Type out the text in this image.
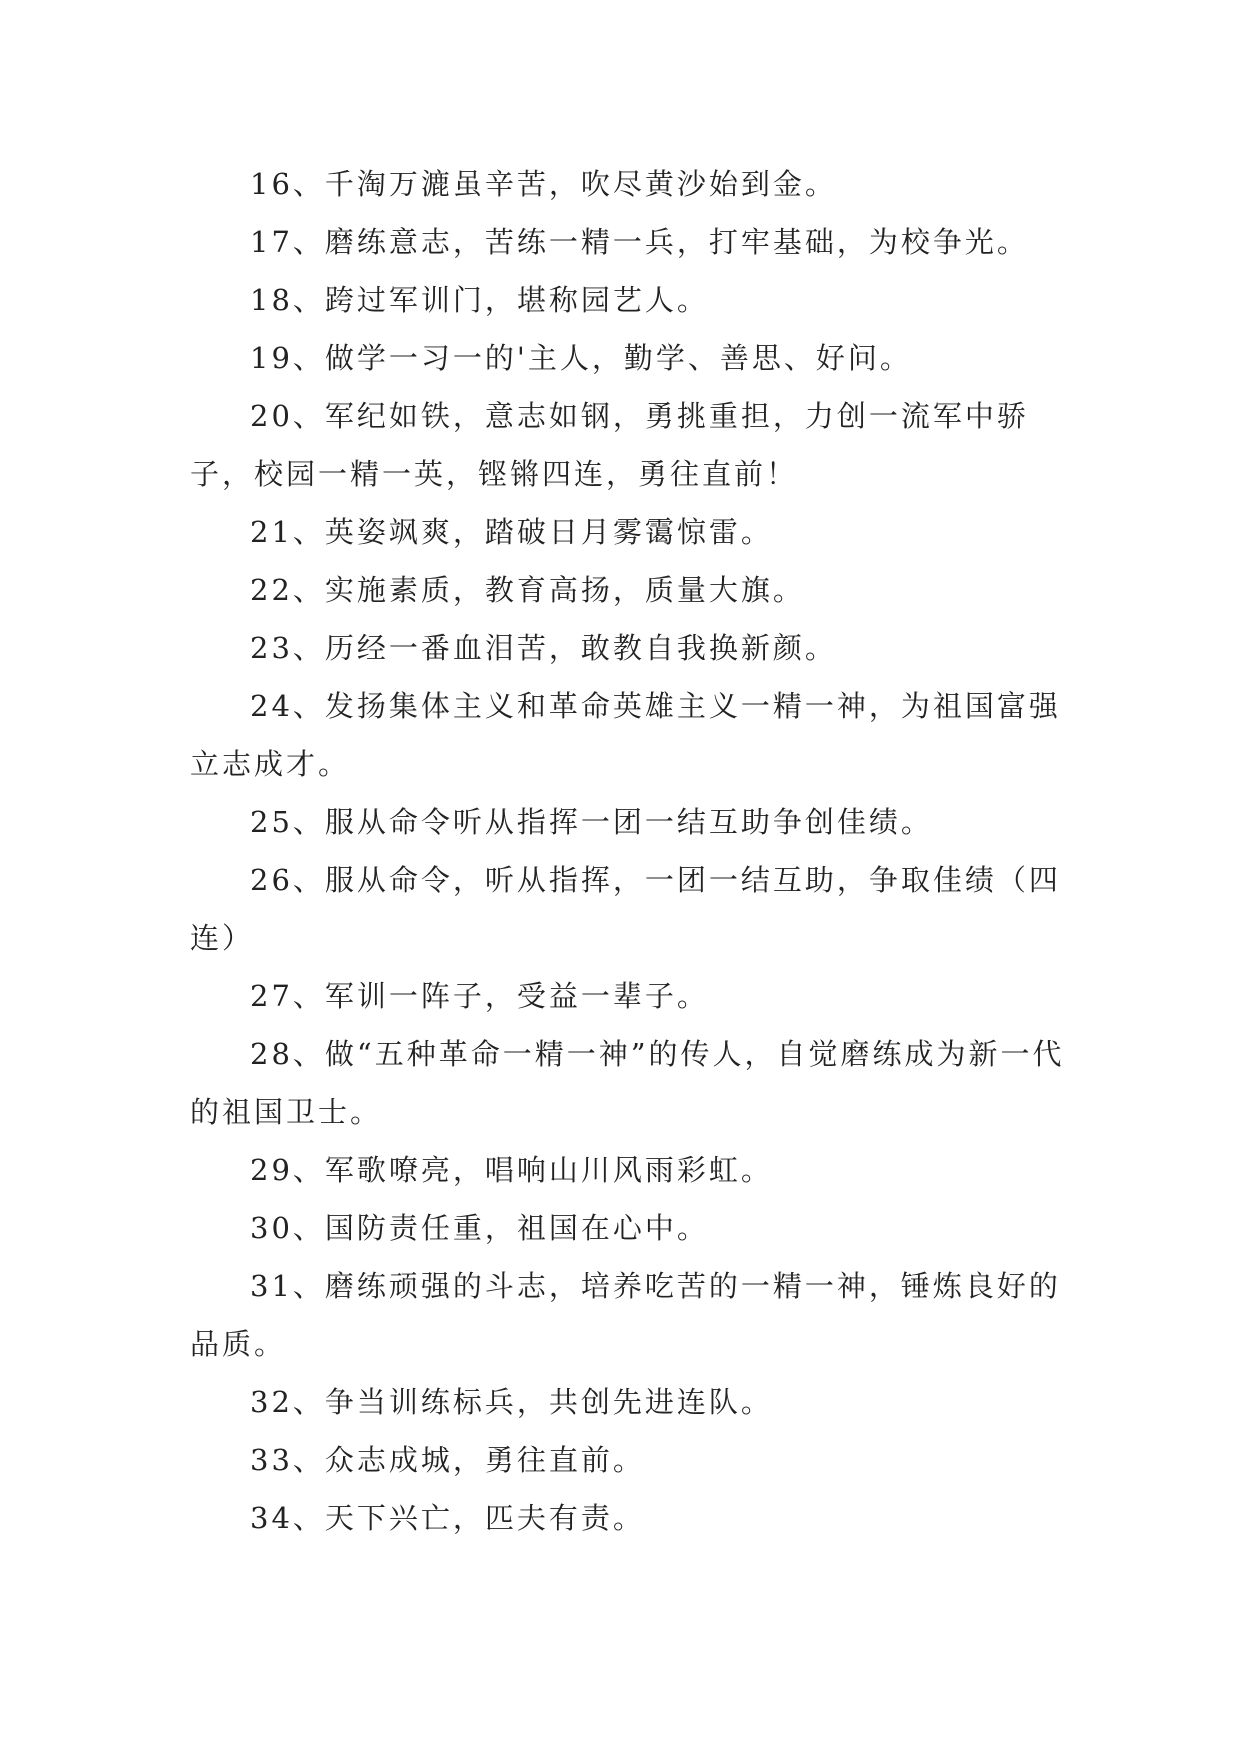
16、千淘万漉虽辛苦，吹尽黄沙始到金。

17、磨练意志，苦练一精一兵，打牢基础，为校争光。

18、跨过军训门，堪称园艺人。

19、做学一习一的'主人，勤学、善思、好问。

20、军纪如铁，意志如钢，勇挑重担，力创一流军中骄子，校园一精一英，铿锵四连，勇往直前！

21、英姿飒爽，踏破日月雾霭惊雷。

22、实施素质，教育高扬，质量大旗。

23、历经一番血泪苦，敢教自我换新颜。

24、发扬集体主义和革命英雄主义一精一神，为祖国富强立志成才。

25、服从命令听从指挥一团一结互助争创佳绩。

26、服从命令，听从指挥，一团一结互助，争取佳绩（四连）

27、军训一阵子，受益一辈子。

28、做“五种革命一精一神”的传人，自觉磨练成为新一代的祖国卫士。

29、军歌嘹亮，唱响山川风雨彩虹。

30、国防责任重，祖国在心中。

31、磨练顽强的斗志，培养吃苦的一精一神，锤炼良好的品质。

32、争当训练标兵，共创先进连队。

33、众志成城，勇往直前。

34、天下兴亡，匹夫有责。
